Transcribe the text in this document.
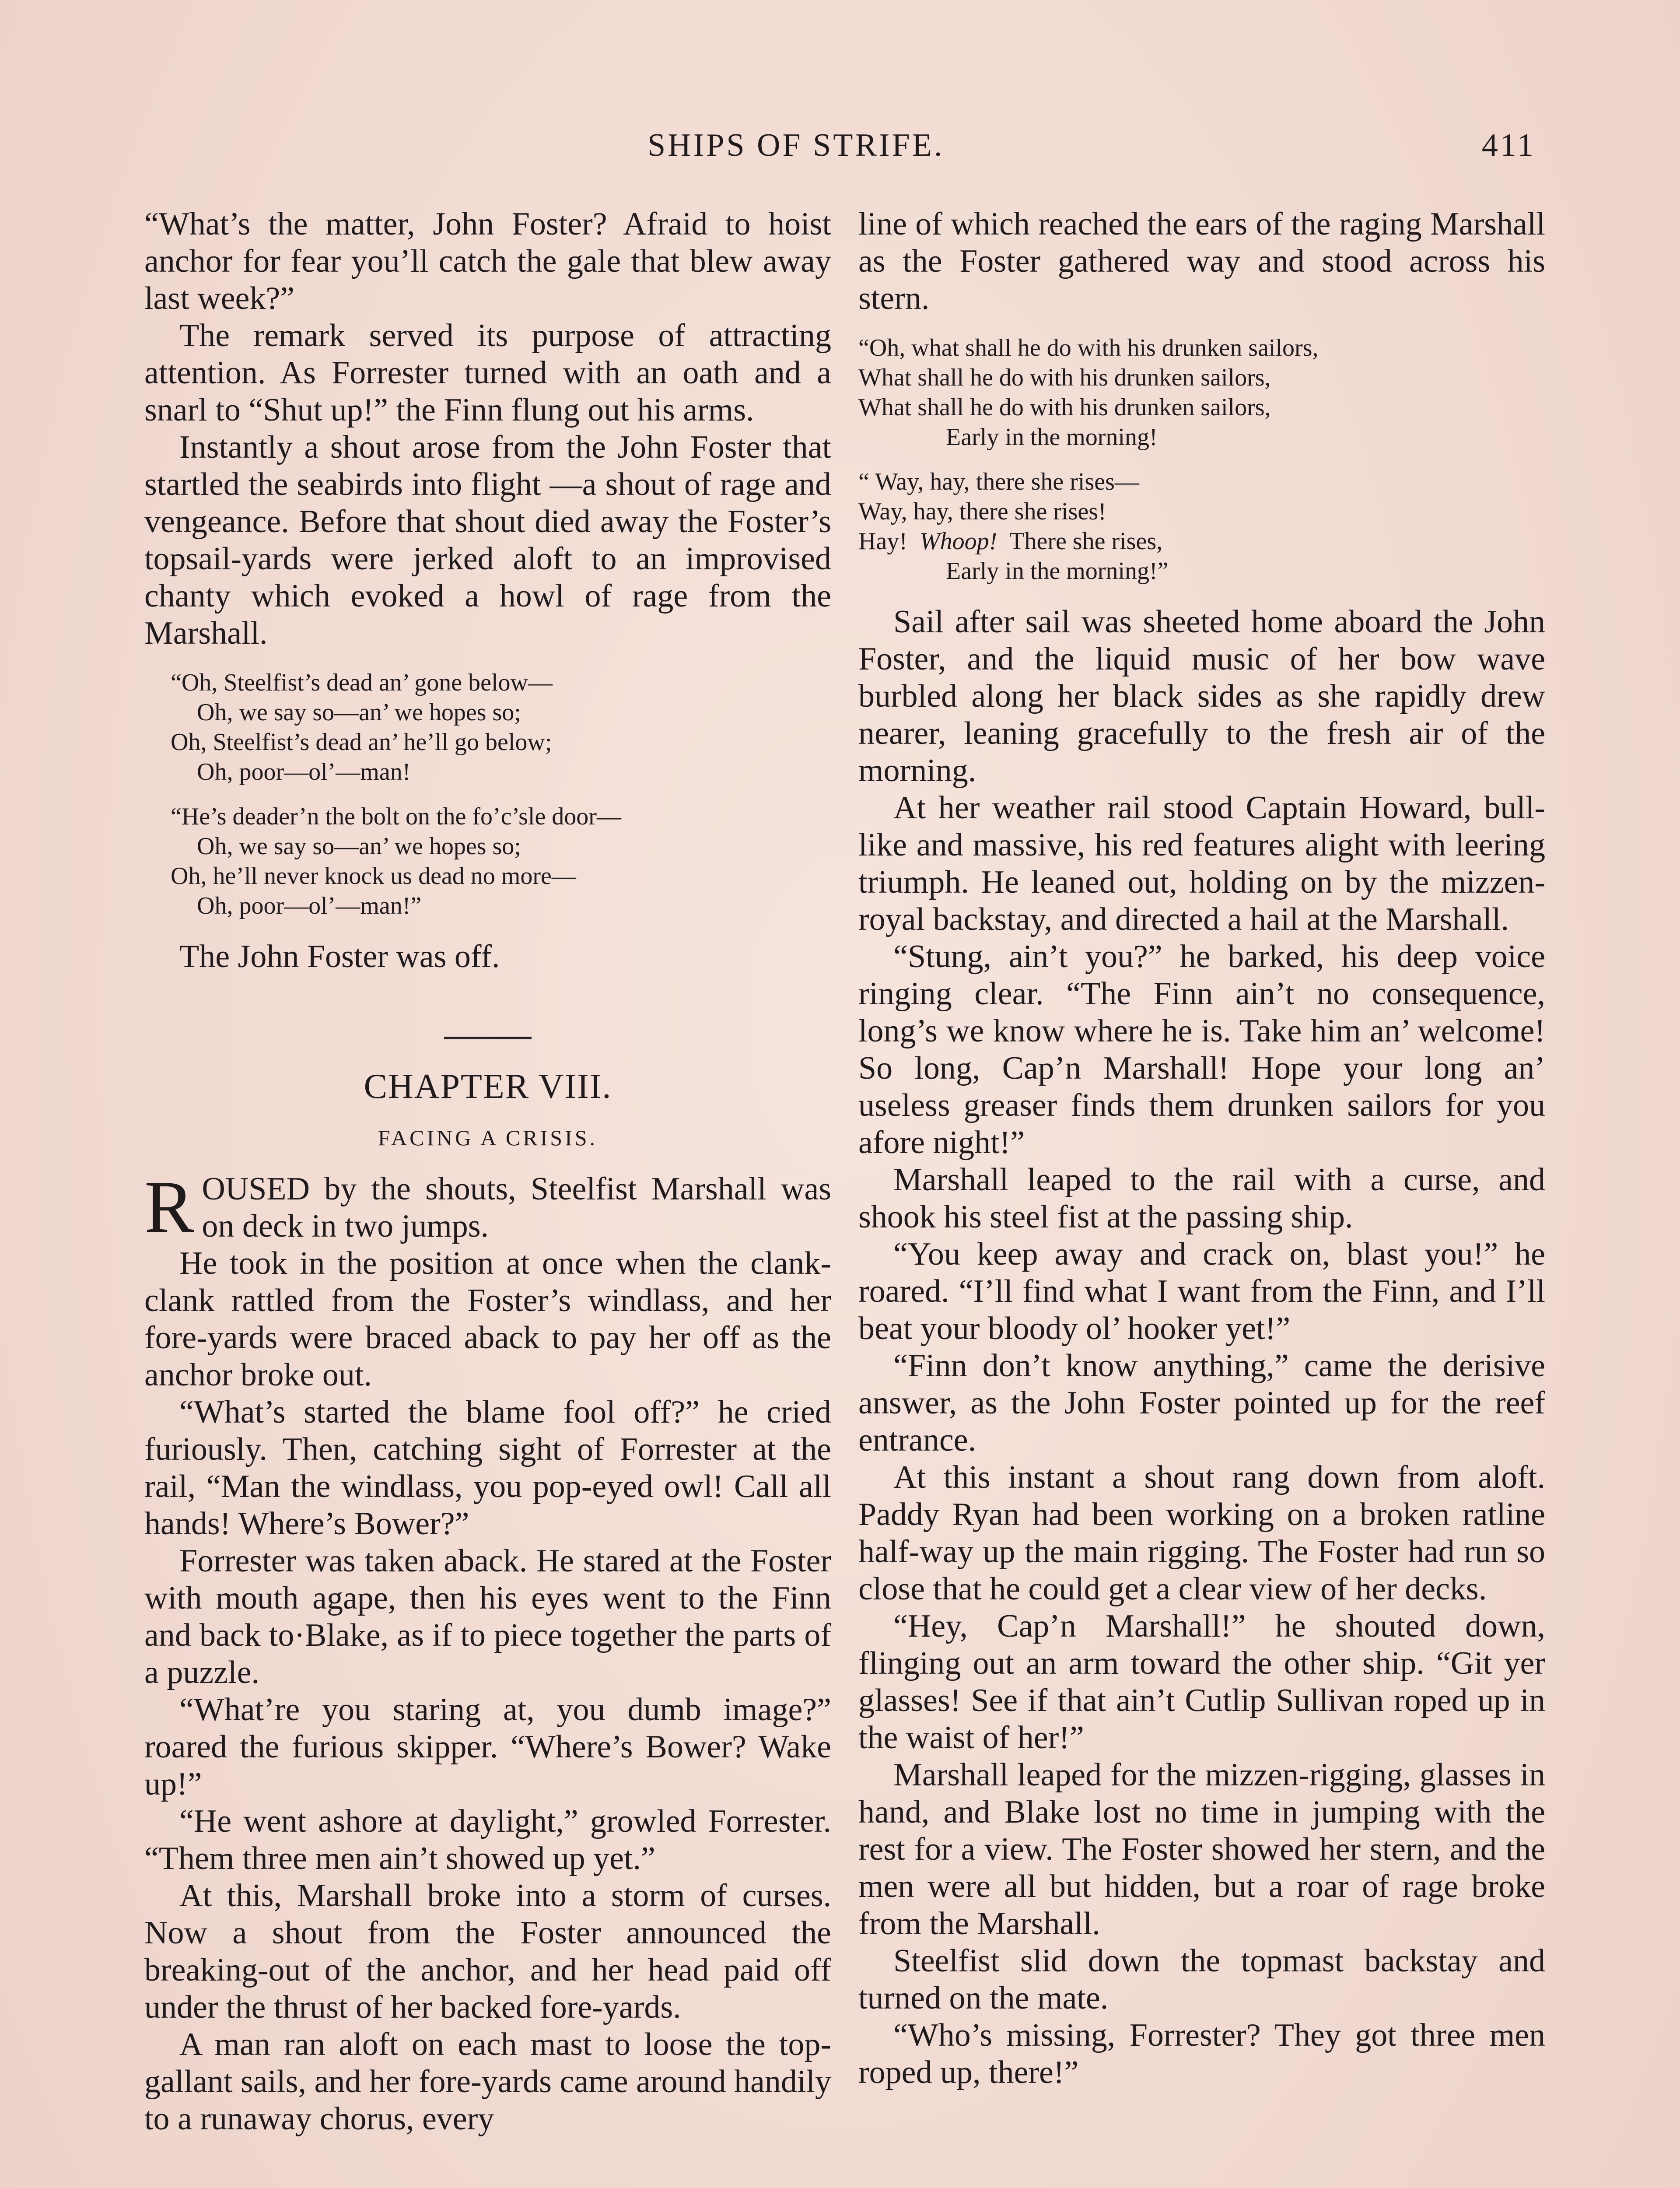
SHIPS OF STRIFE.	411

“What’s the matter, John Foster? Afraid to hoist anchor for fear you’ll catch the gale that blew away last week?”

The remark served its purpose of attracting attention. As Forrester turned with an oath and a snarl to “Shut up!” the Finn flung out his arms.

Instantly a shout arose from the John Foster that startled the seabirds into flight —a shout of rage and vengeance. Before that shout died away the Foster’s topsail-yards were jerked aloft to an improvised chanty which evoked a howl of rage from the Marshall.

“Oh, Steelfist’s dead an’ gone below—
Oh, we say so—an’ we hopes so;
Oh, Steelfist’s dead an’ he’ll go below;
Oh, poor—ol’—man!
“He’s deader’n the bolt on the fo’c’sle door—
Oh, we say so—an’ we hopes so;
Oh, he’ll never knock us dead no more—
Oh, poor—ol’—man!”

The John Foster was off.

CHAPTER VIII.
FACING A CRISIS.

ROUSED by the shouts, Steelfist Marshall was on deck in two jumps.

He took in the position at once when the clank-clank rattled from the Foster’s windlass, and her fore-yards were braced aback to pay her off as the anchor broke out.

“What’s started the blame fool off?” he cried furiously. Then, catching sight of Forrester at the rail, “Man the windlass, you pop-eyed owl! Call all hands! Where’s Bower?”

Forrester was taken aback. He stared at the Foster with mouth agape, then his eyes went to the Finn and back to·Blake, as if to piece together the parts of a puzzle.

“What’re you staring at, you dumb image?” roared the furious skipper. “Where’s Bower? Wake up!”

“He went ashore at daylight,” growled Forrester. “Them three men ain’t showed up yet.”

At this, Marshall broke into a storm of curses. Now a shout from the Foster announced the breaking-out of the anchor, and her head paid off under the thrust of her backed fore-yards.

A man ran aloft on each mast to loose the top-gallant sails, and her fore-yards came around handily to a runaway chorus, every

line of which reached the ears of the raging Marshall as the Foster gathered way and stood across his stern.

“Oh, what shall he do with his drunken sailors,
What shall he do with his drunken sailors,
What shall he do with his drunken sailors,
Early in the morning!
“ Way, hay, there she rises—
Way, hay, there she rises!
Hay! Whoop! There she rises,
Early in the morning!”

Sail after sail was sheeted home aboard the John Foster, and the liquid music of her bow wave burbled along her black sides as she rapidly drew nearer, leaning gracefully to the fresh air of the morning.

At her weather rail stood Captain Howard, bull-like and massive, his red features alight with leering triumph. He leaned out, holding on by the mizzen-royal backstay, and directed a hail at the Marshall.

“Stung, ain’t you?” he barked, his deep voice ringing clear. “The Finn ain’t no consequence, long’s we know where he is. Take him an’ welcome! So long, Cap’n Marshall! Hope your long an’ useless greaser finds them drunken sailors for you afore night!”

Marshall leaped to the rail with a curse, and shook his steel fist at the passing ship.

“You keep away and crack on, blast you!” he roared. “I’ll find what I want from the Finn, and I’ll beat your bloody ol’ hooker yet!”

“Finn don’t know anything,” came the derisive answer, as the John Foster pointed up for the reef entrance.

At this instant a shout rang down from aloft. Paddy Ryan had been working on a broken ratline half-way up the main rigging. The Foster had run so close that he could get a clear view of her decks.

“Hey, Cap’n Marshall!” he shouted down, flinging out an arm toward the other ship. “Git yer glasses! See if that ain’t Cutlip Sullivan roped up in the waist of her!”

Marshall leaped for the mizzen-rigging, glasses in hand, and Blake lost no time in jumping with the rest for a view. The Foster showed her stern, and the men were all but hidden, but a roar of rage broke from the Marshall.

Steelfist slid down the topmast backstay and turned on the mate.

“Who’s missing, Forrester? They got three men roped up, there!”
